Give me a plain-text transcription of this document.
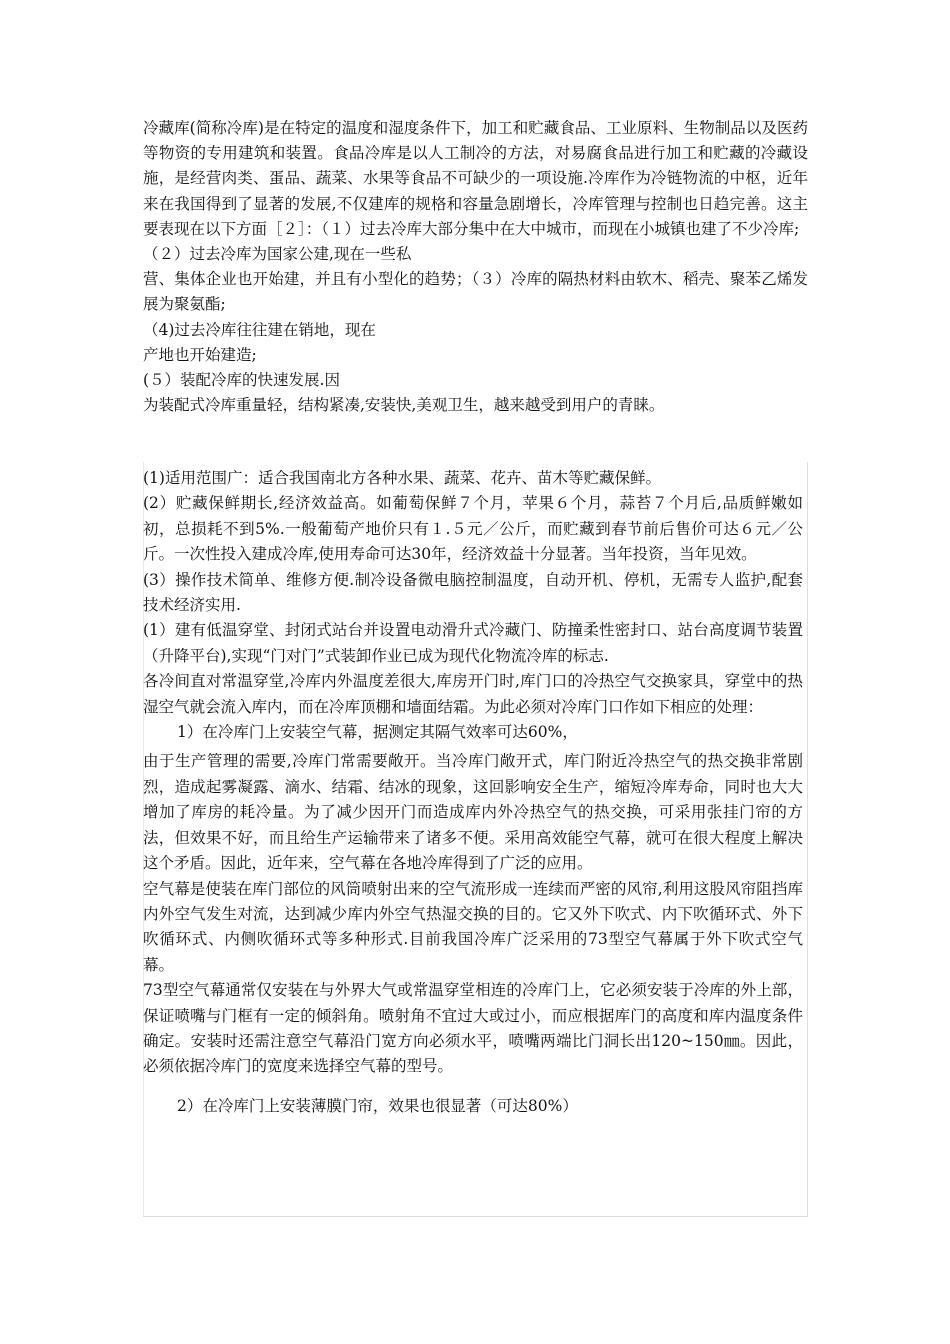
冷藏库(简称冷库)是在特定的温度和湿度条件下，加工和贮藏食品、工业原料、生物制品以及医药等物资的专用建筑和装置。食品冷库是以人工制冷的方法，对易腐食品进行加工和贮藏的冷藏设施，是经营肉类、蛋品、蔬菜、水果等食品不可缺少的一项设施.冷库作为冷链物流的中枢，近年来在我国得到了显著的发展,不仅建库的规格和容量急剧增长，冷库管理与控制也日趋完善。这主要表现在以下方面［２］：（１）过去冷库大部分集中在大中城市，而现在小城镇也建了不少冷库;

（２）过去冷库为国家公建,现在一些私

营、集体企业也开始建，并且有小型化的趋势；（３）冷库的隔热材料由软木、稻壳、聚苯乙烯发展为聚氨酯;

（4)过去冷库往往建在销地，现在

产地也开始建造;

(５）装配冷库的快速发展.因

为装配式冷库重量轻，结构紧凑,安装快,美观卫生，越来越受到用户的青睐。

(1)适用范围广：适合我国南北方各种水果、蔬菜、花卉、苗木等贮藏保鲜。

(2）贮藏保鲜期长,经济效益高。如葡萄保鲜７个月，苹果６个月，蒜苔７个月后,品质鲜嫩如初，总损耗不到5%.一般葡萄产地价只有１.５元／公斤，而贮藏到春节前后售价可达６元／公斤。一次性投入建成冷库,使用寿命可达30年，经济效益十分显著。当年投资，当年见效。

(3）操作技术简单、维修方便.制冷设备微电脑控制温度，自动开机、停机，无需专人监护,配套技术经济实用.

(1）建有低温穿堂、封闭式站台并设置电动滑升式冷藏门、防撞柔性密封口、站台高度调节装置（升降平台),实现“门对门”式装卸作业已成为现代化物流冷库的标志.

各冷间直对常温穿堂,冷库内外温度差很大,库房开门时,库门口的冷热空气交换家具，穿堂中的热湿空气就会流入库内，而在冷库顶棚和墙面结霜。为此必须对冷库门口作如下相应的处理：

1）在冷库门上安装空气幕，据测定其隔气效率可达60%，

由于生产管理的需要,冷库门常需要敞开。当冷库门敞开式，库门附近冷热空气的热交换非常剧烈，造成起雾凝露、滴水、结霜、结冰的现象，这回影响安全生产，缩短冷库寿命，同时也大大增加了库房的耗冷量。为了减少因开门而造成库内外冷热空气的热交换，可采用张挂门帘的方法，但效果不好，而且给生产运输带来了诸多不便。采用高效能空气幕，就可在很大程度上解决这个矛盾。因此，近年来，空气幕在各地冷库得到了广泛的应用。

空气幕是使装在库门部位的风筒喷射出来的空气流形成一连续而严密的风帘,利用这股风帘阻挡库内外空气发生对流，达到减少库内外空气热湿交换的目的。它又外下吹式、内下吹循环式、外下吹循环式、内侧吹循环式等多种形式.目前我国冷库广泛采用的73型空气幕属于外下吹式空气幕。

73型空气幕通常仅安装在与外界大气或常温穿堂相连的冷库门上，它必须安装于冷库的外上部，保证喷嘴与门框有一定的倾斜角。喷射角不宜过大或过小，而应根据库门的高度和库内温度条件确定。安装时还需注意空气幕沿门宽方向必须水平，喷嘴两端比门洞长出120~150㎜。因此，必须依据冷库门的宽度来选择空气幕的型号。

2）在冷库门上安装薄膜门帘，效果也很显著（可达80%）
